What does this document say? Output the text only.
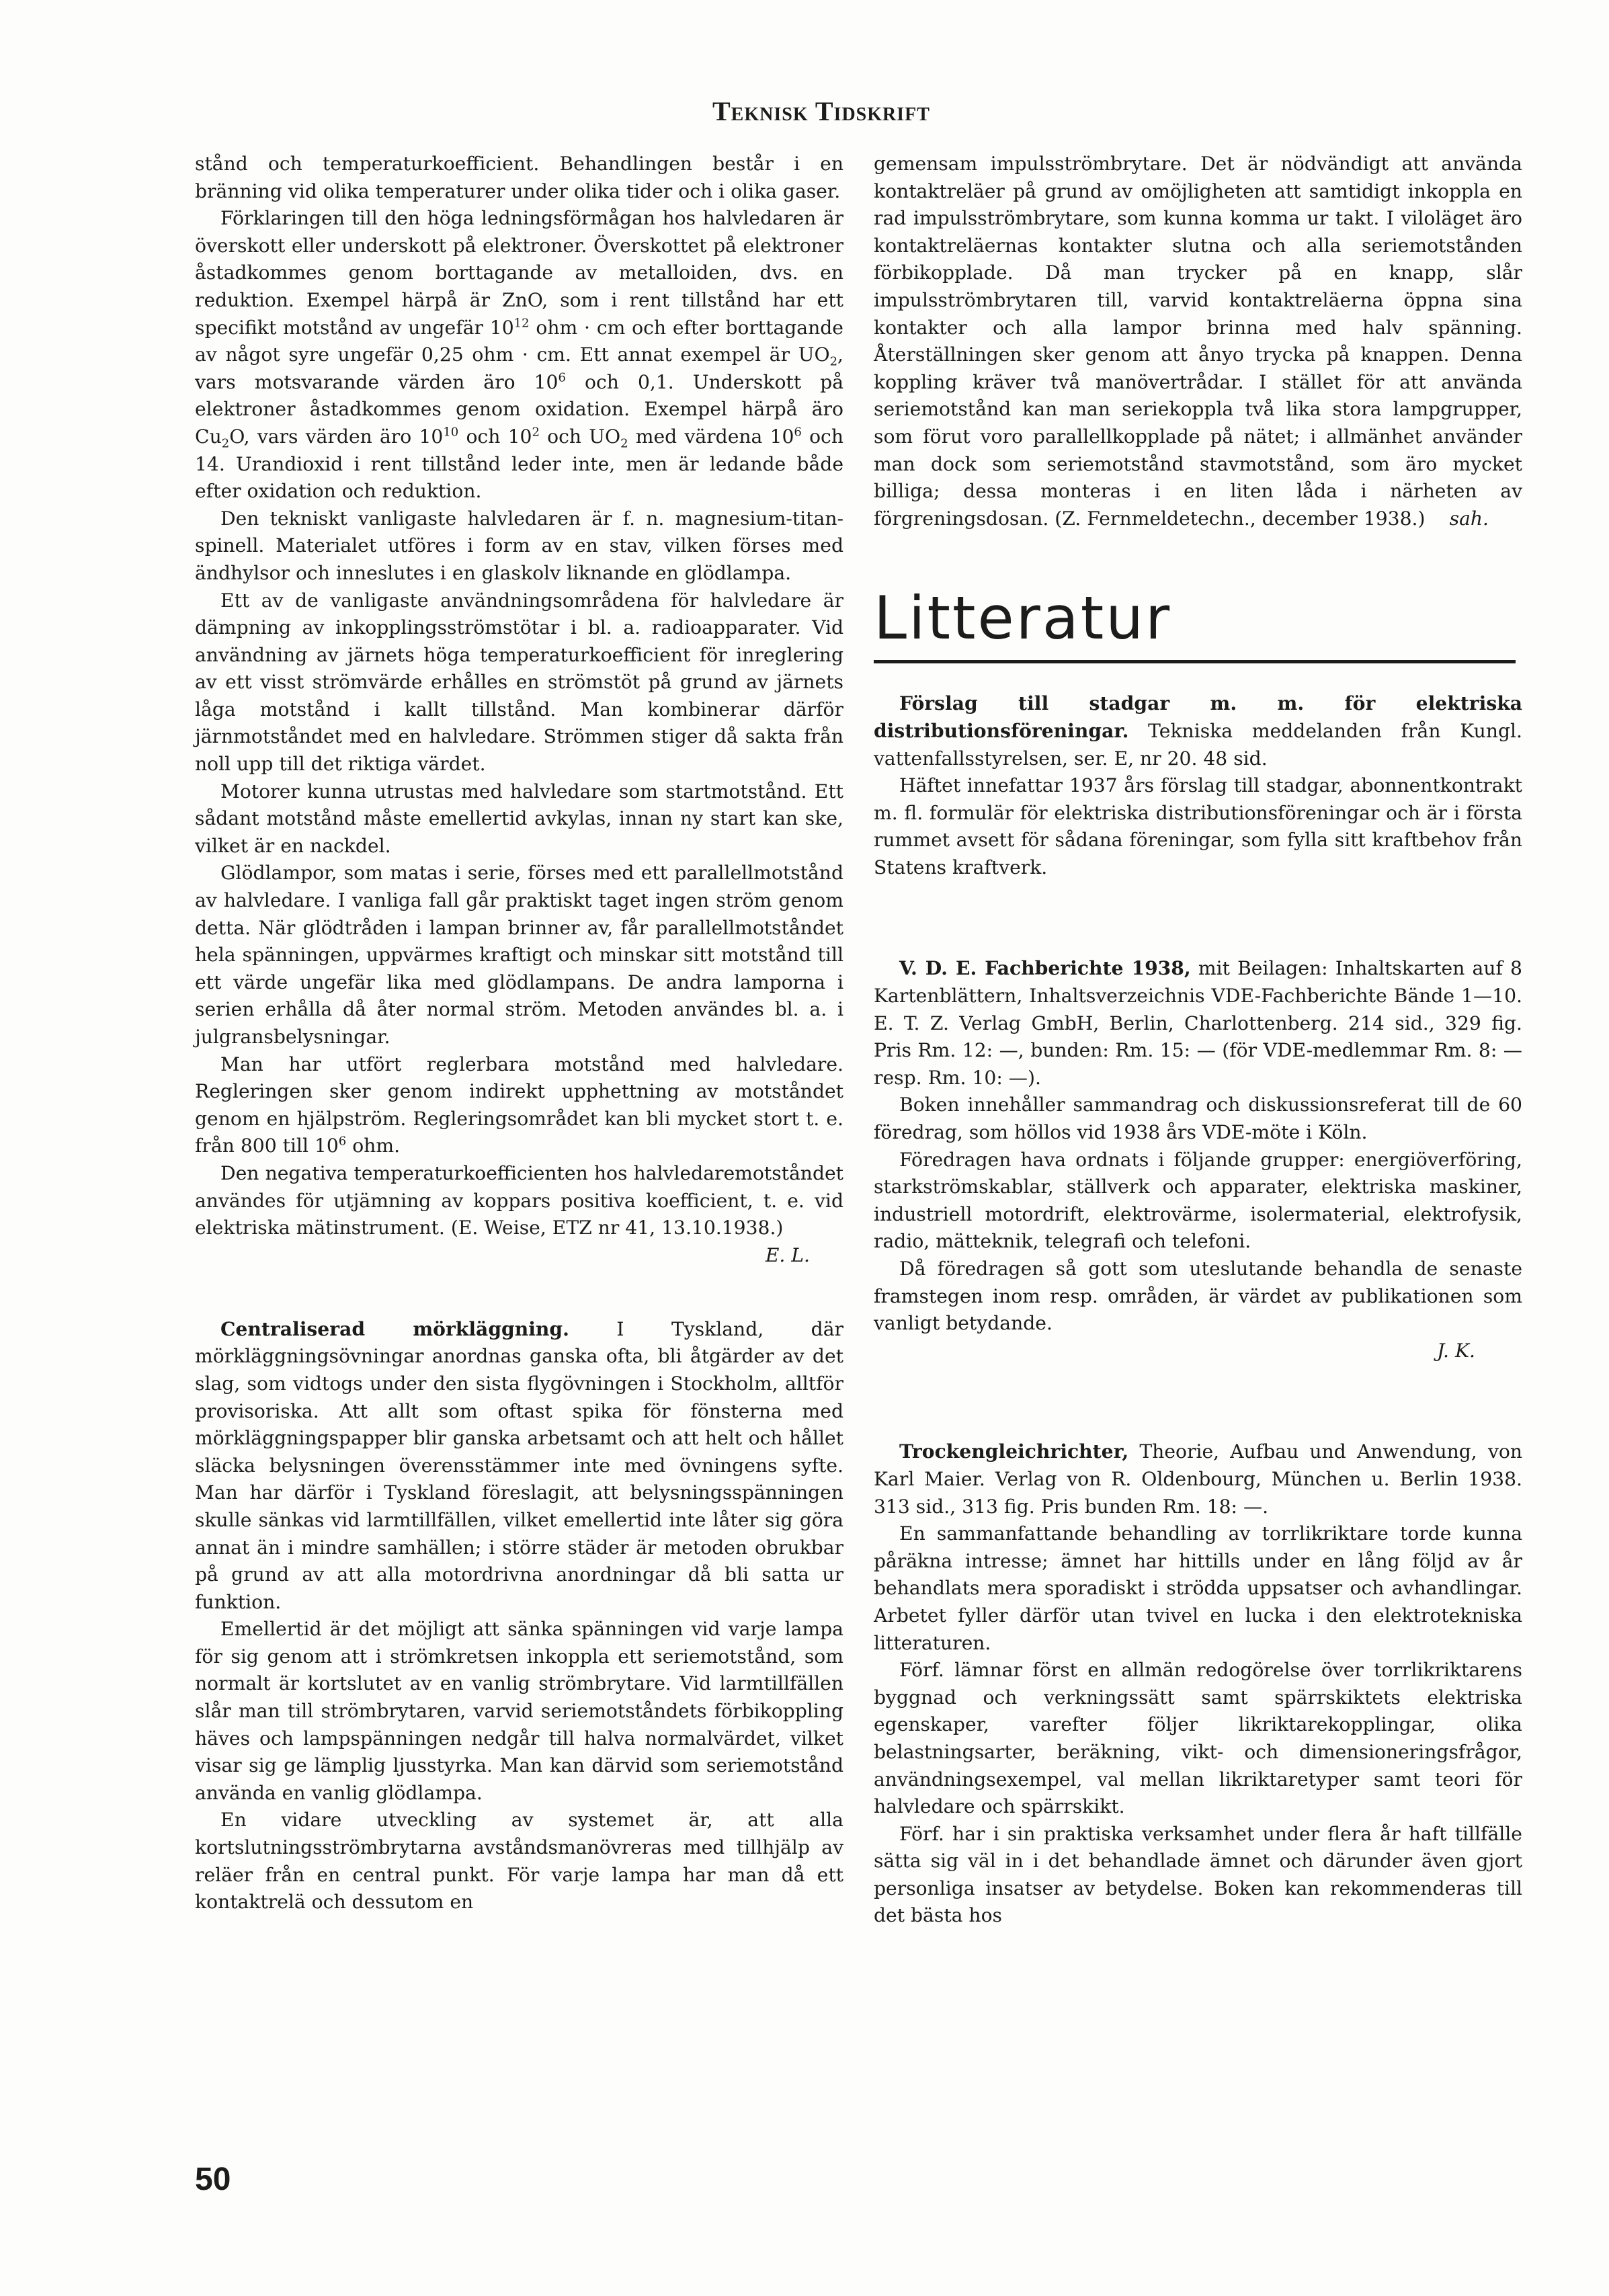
Teknisk Tidskrift

stånd och temperaturkoefficient. Behandlingen består i en bränning vid olika temperaturer under olika tider och i olika gaser.

Förklaringen till den höga ledningsförmågan hos halvledaren är överskott eller underskott på elektroner. Överskottet på elektroner åstadkommes genom borttagande av metalloiden, dvs. en reduktion. Exempel härpå är ZnO, som i rent tillstånd har ett specifikt motstånd av ungefär $10^{12}$ ohm · cm och efter borttagande av något syre ungefär 0,25 ohm · cm. Ett annat exempel är $UO_2$, vars motsvarande värden äro $10^6$ och 0,1. Underskott på elektroner åstadkommes genom oxidation. Exempel härpå äro $Cu_2O$, vars värden äro $10^{10}$ och $10^2$ och $UO_2$ med värdena $10^6$ och 14. Urandioxid i rent tillstånd leder inte, men är ledande både efter oxidation och reduktion.

Den tekniskt vanligaste halvledaren är f. n. magnesium-titan-spinell. Materialet utföres i form av en stav, vilken förses med ändhylsor och inneslutes i en glaskolv liknande en glödlampa.

Ett av de vanligaste användningsområdena för halvledare är dämpning av inkopplingsströmstötar i bl. a. radioapparater. Vid användning av järnets höga temperaturkoefficient för inreglering av ett visst strömvärde erhålles en strömstöt på grund av järnets låga motstånd i kallt tillstånd. Man kombinerar därför järnmotståndet med en halvledare. Strömmen stiger då sakta från noll upp till det riktiga värdet.

Motorer kunna utrustas med halvledare som startmotstånd. Ett sådant motstånd måste emellertid avkylas, innan ny start kan ske, vilket är en nackdel.

Glödlampor, som matas i serie, förses med ett parallellmotstånd av halvledare. I vanliga fall går praktiskt taget ingen ström genom detta. När glödtråden i lampan brinner av, får parallellmotståndet hela spänningen, uppvärmes kraftigt och minskar sitt motstånd till ett värde ungefär lika med glödlampans. De andra lamporna i serien erhålla då åter normal ström. Metoden användes bl. a. i julgransbelysningar.

Man har utfört reglerbara motstånd med halvledare. Regleringen sker genom indirekt upphettning av motståndet genom en hjälpström. Regleringsområdet kan bli mycket stort t. e. från 800 till $10^6$ ohm.

Den negativa temperaturkoefficienten hos halvledaremotståndet användes för utjämning av koppars positiva koefficient, t. e. vid elektriska mätinstrument. (E. Weise, ETZ nr 41, 13.10.1938.)
E. L.

Centraliserad mörkläggning. I Tyskland, där mörkläggningsövningar anordnas ganska ofta, bli åtgärder av det slag, som vidtogs under den sista flygövningen i Stockholm, alltför provisoriska. Att allt som oftast spika för fönsterna med mörkläggningspapper blir ganska arbetsamt och att helt och hållet släcka belysningen överensstämmer inte med övningens syfte. Man har därför i Tyskland föreslagit, att belysningsspänningen skulle sänkas vid larmtillfällen, vilket emellertid inte låter sig göra annat än i mindre samhällen; i större städer är metoden obrukbar på grund av att alla motordrivna anordningar då bli satta ur funktion.

Emellertid är det möjligt att sänka spänningen vid varje lampa för sig genom att i strömkretsen inkoppla ett seriemotstånd, som normalt är kortslutet av en vanlig strömbrytare. Vid larmtillfällen slår man till strömbrytaren, varvid seriemotståndets förbikoppling häves och lampspänningen nedgår till halva normalvärdet, vilket visar sig ge lämplig ljusstyrka. Man kan därvid som seriemotstånd använda en vanlig glödlampa.

En vidare utveckling av systemet är, att alla kortslutningsströmbrytarna avståndsmanövreras med tillhjälp av reläer från en central punkt. För varje lampa har man då ett kontaktrelä och dessutom en

gemensam impulsströmbrytare. Det är nödvändigt att använda kontaktreläer på grund av omöjligheten att samtidigt inkoppla en rad impulsströmbrytare, som kunna komma ur takt. I viloläget äro kontaktreläernas kontakter slutna och alla seriemotstånden förbikopplade. Då man trycker på en knapp, slår impulsströmbrytaren till, varvid kontaktreläerna öppna sina kontakter och alla lampor brinna med halv spänning. Återställningen sker genom att ånyo trycka på knappen. Denna koppling kräver två manövertrådar. I stället för att använda seriemotstånd kan man seriekoppla två lika stora lampgrupper, som förut voro parallellkopplade på nätet; i allmänhet använder man dock som seriemotstånd stavmotstånd, som äro mycket billiga; dessa monteras i en liten låda i närheten av förgreningsdosan. (Z. Fernmeldetechn., december 1938.) sah.

Litteratur

Förslag till stadgar m. m. för elektriska distributionsföreningar. Tekniska meddelanden från Kungl. vattenfallsstyrelsen, ser. E, nr 20. 48 sid.

Häftet innefattar 1937 års förslag till stadgar, abonnentkontrakt m. fl. formulär för elektriska distributionsföreningar och är i första rummet avsett för sådana föreningar, som fylla sitt kraftbehov från Statens kraftverk.

V. D. E. Fachberichte 1938, mit Beilagen: Inhaltskarten auf 8 Kartenblättern, Inhaltsverzeichnis VDE-Fachberichte Bände 1—10. E. T. Z. Verlag GmbH, Berlin, Charlottenberg. 214 sid., 329 fig. Pris Rm. 12: —, bunden: Rm. 15: — (för VDE-medlemmar Rm. 8: — resp. Rm. 10: —).

Boken innehåller sammandrag och diskussionsreferat till de 60 föredrag, som höllos vid 1938 års VDE-möte i Köln.

Föredragen hava ordnats i följande grupper: energiöverföring, starkströmskablar, ställverk och apparater, elektriska maskiner, industriell motordrift, elektrovärme, isolermaterial, elektrofysik, radio, mätteknik, telegrafi och telefoni.

Då föredragen så gott som uteslutande behandla de senaste framstegen inom resp. områden, är värdet av publikationen som vanligt betydande.

J. K.

Trockengleichrichter, Theorie, Aufbau und Anwendung, von Karl Maier. Verlag von R. Oldenbourg, München u. Berlin 1938. 313 sid., 313 fig. Pris bunden Rm. 18: —.

En sammanfattande behandling av torrlikriktare torde kunna påräkna intresse; ämnet har hittills under en lång följd av år behandlats mera sporadiskt i strödda uppsatser och avhandlingar. Arbetet fyller därför utan tvivel en lucka i den elektrotekniska litteraturen.

Förf. lämnar först en allmän redogörelse över torrlikriktarens byggnad och verkningssätt samt spärrskiktets elektriska egenskaper, varefter följer likriktarekopplingar, olika belastningsarter, beräkning, vikt- och dimensioneringsfrågor, användningsexempel, val mellan likriktaretyper samt teori för halvledare och spärrskikt.

Förf. har i sin praktiska verksamhet under flera år haft tillfälle sätta sig väl in i det behandlade ämnet och därunder även gjort personliga insatser av betydelse. Boken kan rekommenderas till det bästa hos

50
